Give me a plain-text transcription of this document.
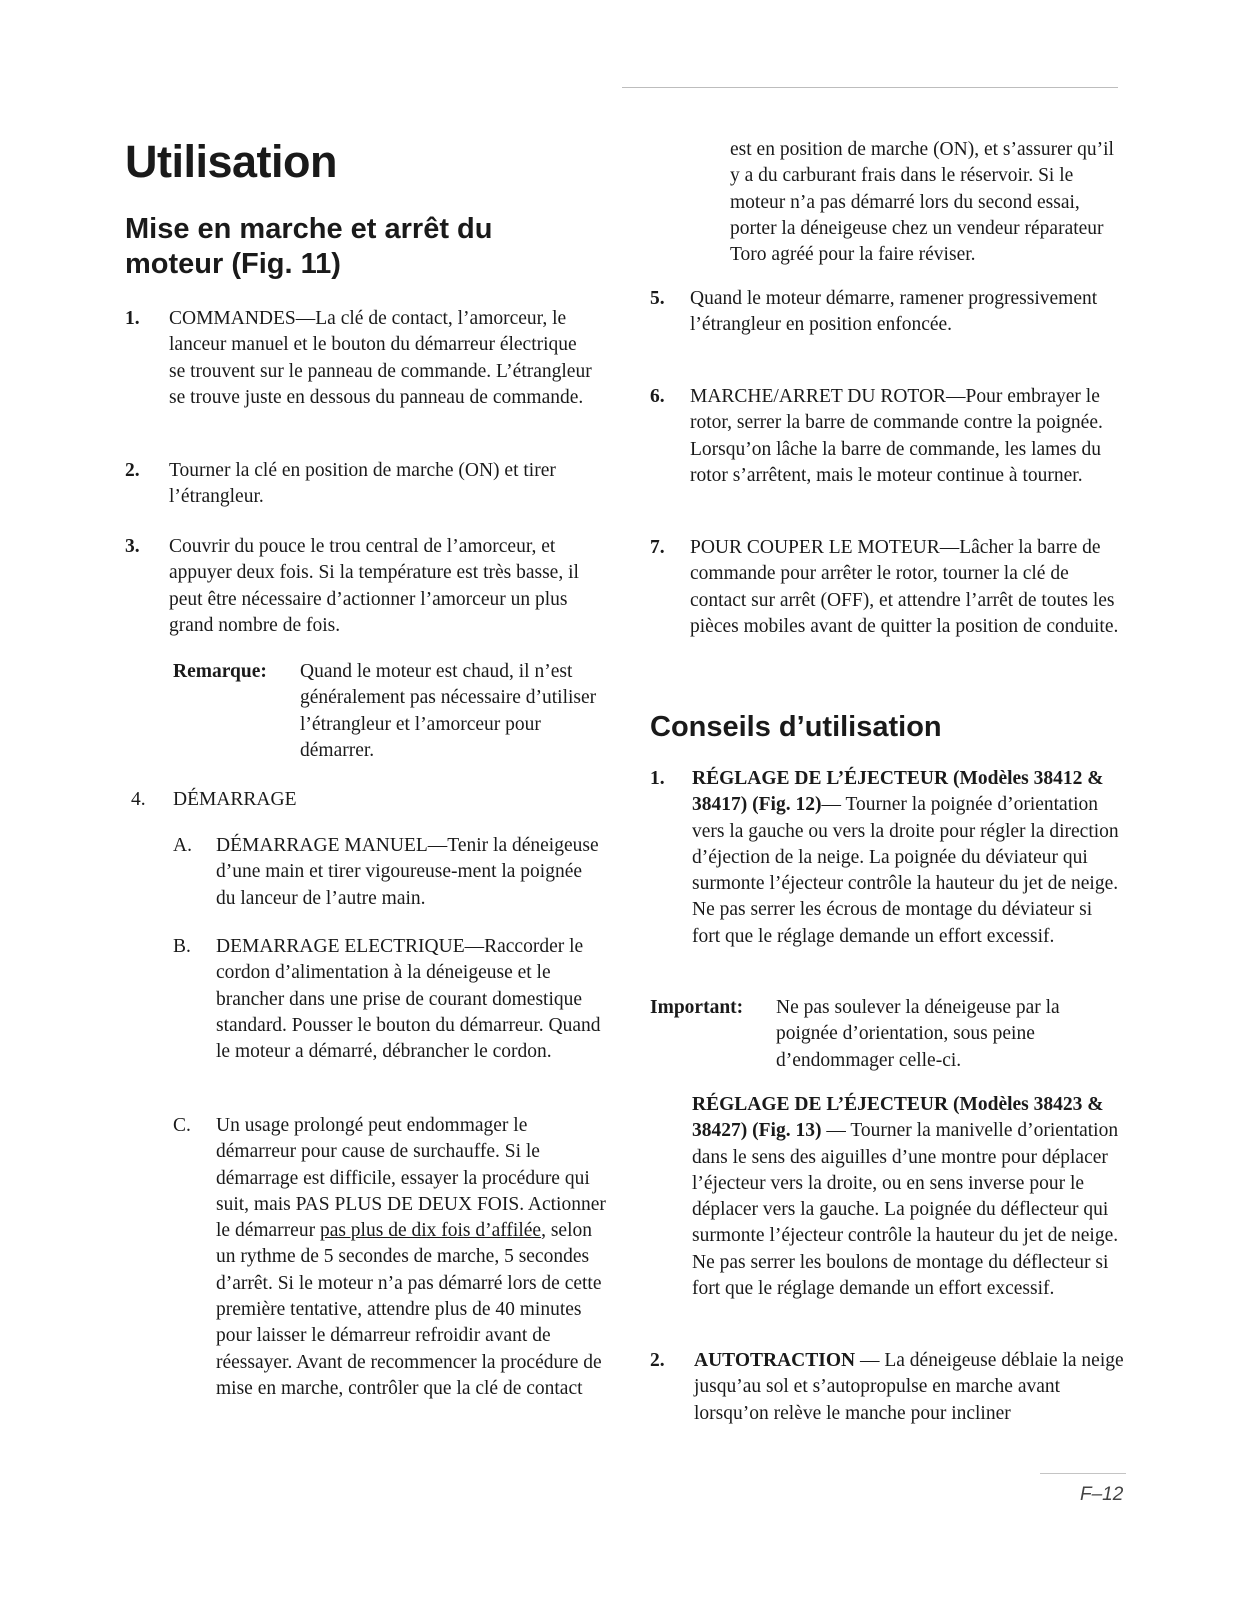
Utilisation
Mise en marche et arrêt du
moteur (Fig. 11)
1. COMMANDES—La clé de contact, l’amorceur, le lanceur manuel et le bouton du démarreur électrique se trouvent sur le panneau de commande. L’étrangleur se trouve juste en dessous du panneau de commande.
2. Tourner la clé en position de marche (ON) et tirer l’étrangleur.
3. Couvrir du pouce le trou central de l’amorceur, et appuyer deux fois. Si la température est très basse, il peut être nécessaire d’actionner l’amorceur un plus grand nombre de fois.
Remarque: Quand le moteur est chaud, il n’est généralement pas nécessaire d’utiliser l’étrangleur et l’amorceur pour démarrer.
4. DÉMARRAGE
A. DÉMARRAGE MANUEL—Tenir la déneigeuse d’une main et tirer vigoureuse-ment la poignée du lanceur de l’autre main.
B. DEMARRAGE ELECTRIQUE—Raccorder le cordon d’alimentation à la déneigeuse et le brancher dans une prise de courant domestique standard. Pousser le bouton du démarreur. Quand le moteur a démarré, débrancher le cordon.
C. Un usage prolongé peut endommager le démarreur pour cause de surchauffe. Si le démarrage est difficile, essayer la procédure qui suit, mais PAS PLUS DE DEUX FOIS. Actionner le démarreur pas plus de dix fois d’affilée, selon un rythme de 5 secondes de marche, 5 secondes d’arrêt. Si le moteur n’a pas démarré lors de cette première tentative, attendre plus de 40 minutes pour laisser le démarreur refroidir avant de réessayer. Avant de recommencer la procédure de mise en marche, contrôler que la clé de contact
est en position de marche (ON), et s’assurer qu’il y a du carburant frais dans le réservoir. Si le moteur n’a pas démarré lors du second essai, porter la déneigeuse chez un vendeur réparateur Toro agréé pour la faire réviser.
5. Quand le moteur démarre, ramener progressivement l’étrangleur en position enfoncée.
6. MARCHE/ARRET DU ROTOR—Pour embrayer le rotor, serrer la barre de commande contre la poignée. Lorsqu’on lâche la barre de commande, les lames du rotor s’arrêtent, mais le moteur continue à tourner.
7. POUR COUPER LE MOTEUR—Lâcher la barre de commande pour arrêter le rotor, tourner la clé de contact sur arrêt (OFF), et attendre l’arrêt de toutes les pièces mobiles avant de quitter la position de conduite.
Conseils d’utilisation
1. RÉGLAGE DE L’ÉJECTEUR (Modèles 38412 & 38417) (Fig. 12)— Tourner la poignée d’orientation vers la gauche ou vers la droite pour régler la direction d’éjection de la neige. La poignée du déviateur qui surmonte l’éjecteur contrôle la hauteur du jet de neige. Ne pas serrer les écrous de montage du déviateur si fort que le réglage demande un effort excessif.
Important: Ne pas soulever la déneigeuse par la poignée d’orientation, sous peine d’endommager celle-ci.
RÉGLAGE DE L’ÉJECTEUR (Modèles 38423 & 38427) (Fig. 13) — Tourner la manivelle d’orientation dans le sens des aiguilles d’une montre pour déplacer l’éjecteur vers la droite, ou en sens inverse pour le déplacer vers la gauche. La poignée du déflecteur qui surmonte l’éjecteur contrôle la hauteur du jet de neige. Ne pas serrer les boulons de montage du déflecteur si fort que le réglage demande un effort excessif.
2. AUTOTRACTION — La déneigeuse déblaie la neige jusqu’au sol et s’autopropulse en marche avant lorsqu’on relève le manche pour incliner
F–12
